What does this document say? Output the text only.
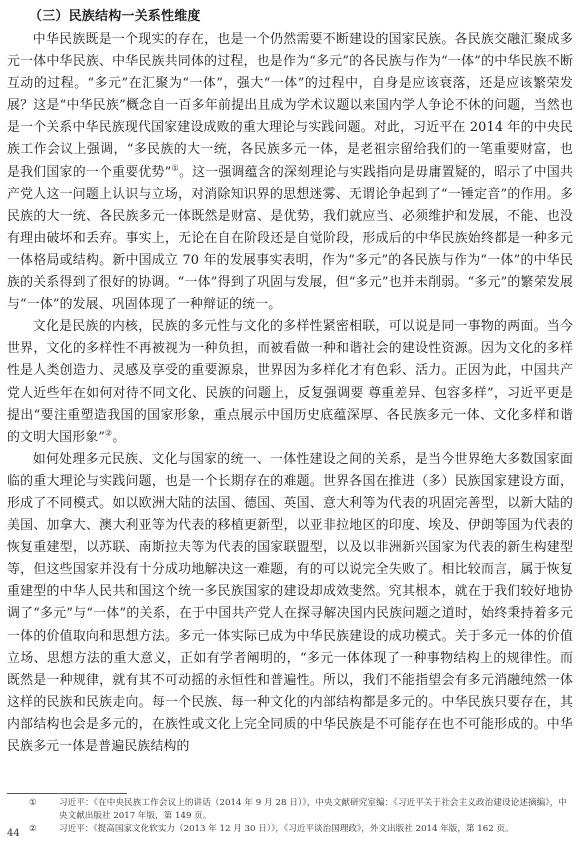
（三）民族结构一关系性维度

中华民族既是一个现实的存在，也是一个仍然需要不断建设的国家民族。各民族交融汇聚成多元一体中华民族、中华民族共同体的过程，也是作为“多元”的各民族与作为“一体”的中华民族不断互动的过程。“多元”在汇聚为“一体”，强大“一体”的过程中，自身是应该衰落，还是应该繁荣发展？这是“中华民族”概念自一百多年前提出且成为学术议题以来国内学人争论不休的问题，当然也是一个关系中华民族现代国家建设成败的重大理论与实践问题。对此，习近平在 2014 年的中央民族工作会议上强调，“多民族的大一统，各民族多元一体，是老祖宗留给我们的一笔重要财富，也是我们国家的一个重要优势”①。这一强调蕴含的深刻理论与实践指向是毋庸置疑的，昭示了中国共产党人这一问题上认识与立场，对消除知识界的思想迷雾、无谓论争起到了“一锤定音”的作用。多民族的大一统、各民族多元一体既然是财富、是优势，我们就应当、必须维护和发展，不能、也没有理由破坏和丢弃。事实上，无论在自在阶段还是自觉阶段，形成后的中华民族始终都是一种多元一体格局或结构。新中国成立 70 年的发展事实表明，作为“多元”的各民族与作为“一体”的中华民族的关系得到了很好的协调。“一体”得到了巩固与发展，但“多元”也并未削弱。“多元”的繁荣发展与“一体”的发展、巩固体现了一种辩证的统一。

文化是民族的内核，民族的多元性与文化的多样性紧密相联，可以说是同一事物的两面。当今世界，文化的多样性不再被视为一种负担，而被看做一种和谐社会的建设性资源。因为文化的多样性是人类创造力、灵感及享受的重要源泉，世界因为多样化才有色彩、活力。正因为此，中国共产党人近些年在如何对待不同文化、民族的问题上，反复强调要 尊重差异、包容多样”，习近平更是提出“要注重塑造我国的国家形象，重点展示中国历史底蕴深厚、各民族多元一体、文化多样和谐的文明大国形象”②。

如何处理多元民族、文化与国家的统一、一体性建设之间的关系，是当今世界绝大多数国家面临的重大理论与实践问题，也是一个长期存在的难题。世界各国在推进（多）民族国家建设方面，形成了不同模式。如以欧洲大陆的法国、德国、英国、意大利等为代表的巩固完善型，以新大陆的美国、加拿大、澳大利亚等为代表的移植更新型，以亚非拉地区的印度、埃及、伊朗等国为代表的恢复重建型，以苏联、南斯拉夫等为代表的国家联盟型，以及以非洲新兴国家为代表的新生构建型等，但这些国家并没有十分成功地解决这一难题，有的可以说完全失败了。相比较而言，属于恢复重建型的中华人民共和国这个统一多民族国家的建设却成效斐然。究其根本，就在于我们较好地协调了“多元”与“一体”的关系，在于中国共产党人在探寻解决国内民族问题之道时，始终秉持着多元一体的价值取向和思想方法。多元一体实际已成为中华民族建设的成功模式。关于多元一体的价值立场、思想方法的重大意义，正如有学者阐明的，“多元一体体现了一种事物结构上的规律性。而既然是一种规律，就有其不可动摇的永恒性和普遍性。所以，我们不能指望会有多元消融纯然一体这样的民族和民族走向。每一个民族、每一种文化的内部结构都是多元的。中华民族只要存在，其内部结构也会是多元的，在族性或文化上完全同质的中华民族是不可能存在也不可能形成的。中华民族多元一体是普遍民族结构的

①	习近平：《在中央民族工作会议上的讲话（2014 年 9 月 28 日）》，中央文献研究室编：《习近平关于社会主义政治建设论述摘编》，中央文献出版社 2017 年版，第 149 页。
②	习近平：《提高国家文化软实力（2013 年 12 月 30 日）》，《习近平谈治国理政》，外文出版社 2014 年版，第 162 页。
44
